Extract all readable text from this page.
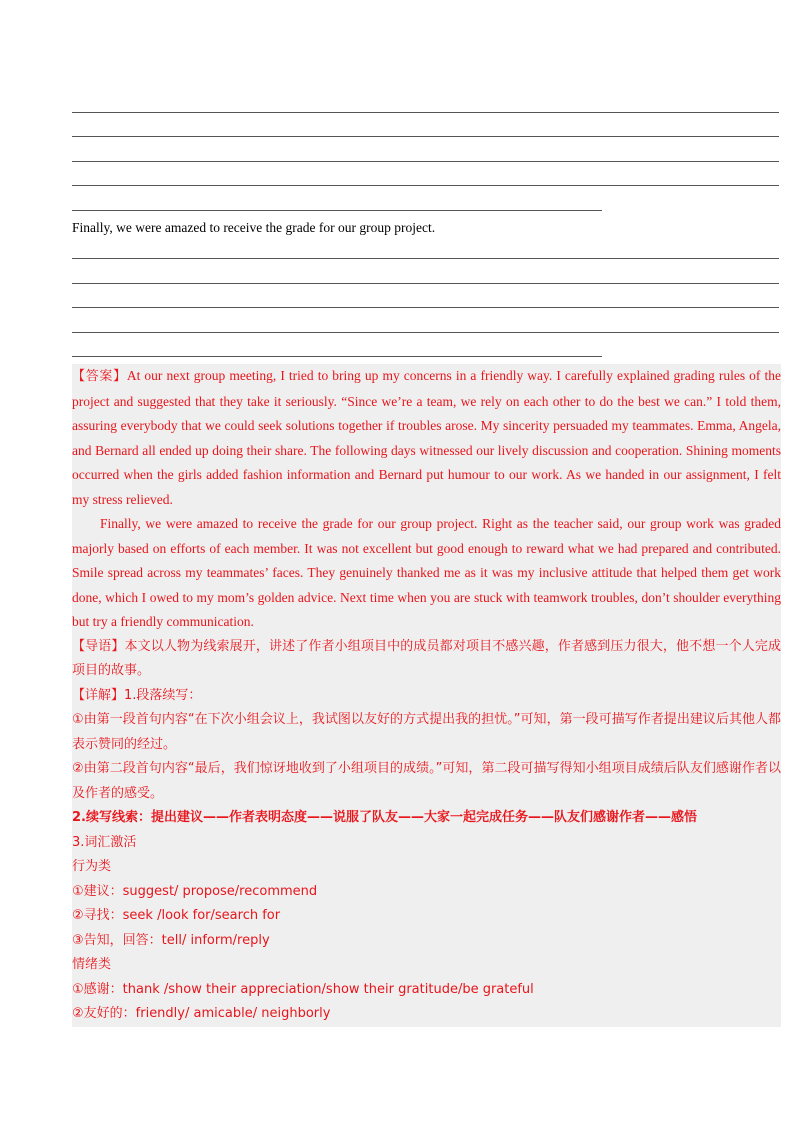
Finally, we were amazed to receive the grade for our group project.

【答案】At our next group meeting, I tried to bring up my concerns in a friendly way. I carefully explained grading rules of the project and suggested that they take it seriously. “Since we’re a team, we rely on each other to do the best we can.” I told them, assuring everybody that we could seek solutions together if troubles arose. My sincerity persuaded my teammates. Emma, Angela, and Bernard all ended up doing their share. The following days witnessed our lively discussion and cooperation. Shining moments occurred when the girls added fashion information and Bernard put humour to our work. As we handed in our assignment, I felt my stress relieved.

Finally, we were amazed to receive the grade for our group project. Right as the teacher said, our group work was graded majorly based on efforts of each member. It was not excellent but good enough to reward what we had prepared and contributed. Smile spread across my teammates’ faces. They genuinely thanked me as it was my inclusive attitude that helped them get work done, which I owed to my mom’s golden advice. Next time when you are stuck with teamwork troubles, don’t shoulder everything but try a friendly communication.

【导语】本文以人物为线索展开，讲述了作者小组项目中的成员都对项目不感兴趣，作者感到压力很大，他不想一个人完成项目的故事。

【详解】1.段落续写：

①由第一段首句内容“在下次小组会议上，我试图以友好的方式提出我的担忧。”可知，第一段可描写作者提出建议后其他人都表示赞同的经过。

②由第二段首句内容“最后，我们惊讶地收到了小组项目的成绩。”可知，第二段可描写得知小组项目成绩后队友们感谢作者以及作者的感受。

2.续写线索：提出建议——作者表明态度——说服了队友——大家一起完成任务——队友们感谢作者——感悟

3.词汇激活

行为类

①建议：suggest/ propose/recommend

②寻找：seek /look for/search for

③告知，回答：tell/ inform/reply

情绪类

①感谢：thank /show their appreciation/show their gratitude/be grateful

②友好的：friendly/ amicable/ neighborly
